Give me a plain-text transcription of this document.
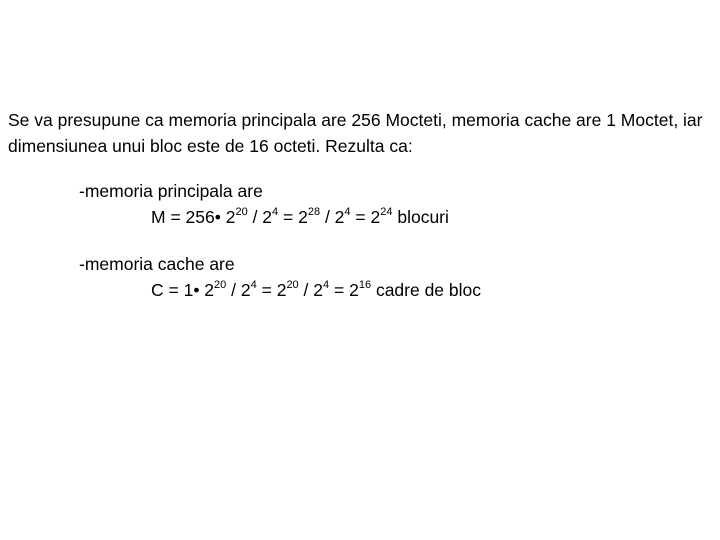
Se va presupune ca memoria principala are 256 Mocteti, memoria cache are 1 Moctet, iar dimensiunea unui bloc este de 16 octeti. Rezulta ca:
-memoria principala are
M = 256• $2^{20} / 2^4 = 2^{28} / 2^4 = 2^{24}$ blocuri
-memoria cache are
C = 1• $2^{20} / 2^4 = 2^{20} / 2^4 = 2^{16}$ cadre de bloc
